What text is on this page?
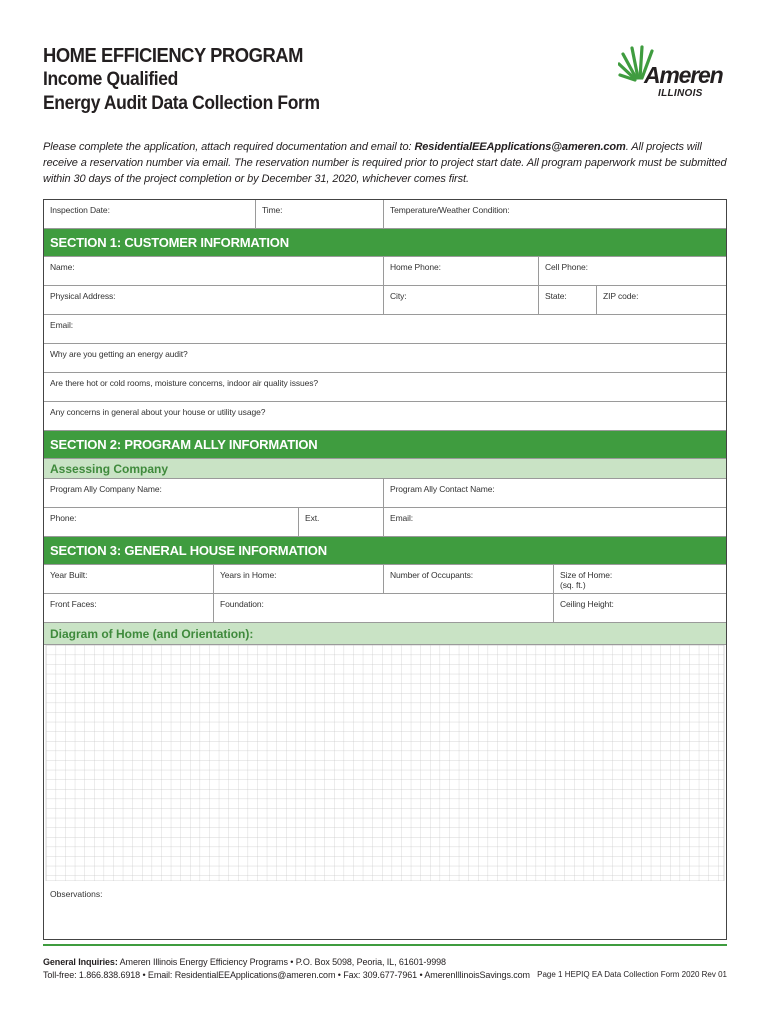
HOME EFFICIENCY PROGRAM
Income Qualified
Energy Audit Data Collection Form
Ameren
ILLINOIS
Please complete the application, attach required documentation and email to: ResidentialEEApplications@ameren.com. All projects will receive a reservation number via email. The reservation number is required prior to project start date. All program paperwork must be submitted within 30 days of the project completion or by December 31, 2020, whichever comes first.
Inspection Date:	Time:	Temperature/Weather Condition:
SECTION 1: CUSTOMER INFORMATION
Name:	Home Phone:	Cell Phone:
Physical Address:	City:	State:	ZIP code:
Email:
Why are you getting an energy audit?
Are there hot or cold rooms, moisture concerns, indoor air quality issues?
Any concerns in general about your house or utility usage?
SECTION 2: PROGRAM ALLY INFORMATION
Assessing Company
Program Ally Company Name:	Program Ally Contact Name:
Phone:	Ext.	Email:
SECTION 3: GENERAL HOUSE INFORMATION
Year Built:	Years in Home:	Number of Occupants:	Size of Home:
(sq. ft.)
Front Faces:	Foundation:	Ceiling Height:
Diagram of Home (and Orientation):
Observations:
General Inquiries: Ameren Illinois Energy Efficiency Programs • P.O. Box 5098, Peoria, IL, 61601-9998
Toll-free: 1.866.838.6918 • Email: ResidentialEEApplications@ameren.com • Fax: 309.677-7961 • AmerenIllinoisSavings.com Page 1 HEPIQ EA Data Collection Form 2020 Rev 01
